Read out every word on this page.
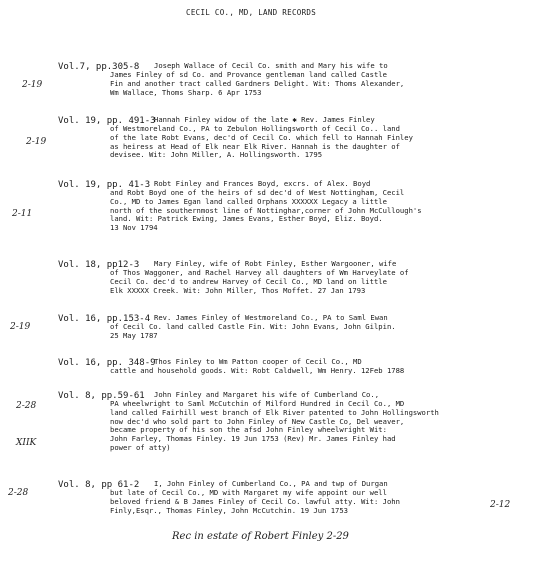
CECIL CO., MD, LAND RECORDS
Vol.7, pp.305-8 Joseph Wallace of Cecil Co. smith and Mary his wife to
James Finley of sd Co. and Provance gentleman land called Castle
Fin and another tract called Gardners Delight. Wit: Thoms Alexander,
Wm Wallace, Thoms Sharp. 6 Apr 1753
2-19
Vol. 19, pp. 491-3
Hannah Finley widow of the late ✱ Rev. James Finley
of Westmoreland Co., PA to Zebulon Hollingsworth of Cecil Co.. land
of the late Robt Evans, dec'd of Cecil Co. which fell to Hannah Finley
as heiress at Head of Elk near Elk River. Hannah is the daughter of
devisee. Wit: John Miller, A. Hollingsworth. 1795
2-19
Vol. 19, pp. 41-3 Robt Finley and Frances Boyd, excrs. of Alex. Boyd
and Robt Boyd one of the heirs of sd dec'd of West Nottingham, Cecil
Co., MD to James Egan land called Orphans XXXXXX Legacy a little
north of the southernmost line of Nottinghar,corner of John McCullough's
land. Wit: Patrick Ewing, James Evans, Esther Boyd, Eliz. Boyd.
13 Nov 1794
2-11
Vol. 18, pp12-3 Mary Finley, wife of Robt Finley, Esther Wargooner, wife
of Thos Waggoner, and Rachel Harvey all daughters of Wm Harveylate of
Cecil Co. dec'd to andrew Harvey of Cecil Co., MD land on little
Elk XXXXX Creek. Wit: John Miller, Thos Moffet. 27 Jan 1793
Vol. 16, pp.153-4 Rev. James Finley of Westmoreland Co., PA to Saml Ewan
of Cecil Co. land called Castle Fin. Wit: John Evans, John Gilpin.
25 May 1787
2-19
Vol. 16, pp. 348-9
Thos Finley to Wm Patton cooper of Cecil Co., MD
cattle and household goods. Wit: Robt Caldwell, Wm Henry. 12Feb 1788
Vol. 8, pp.59-61 John Finley and Margaret his wife of Cumberland Co.,
PA wheelwright to Saml McCutchin of Milford Hundred in Cecil Co., MD
land called Fairhill west branch of Elk River patented to John Hollingsworth
now dec'd who sold part to John Finley of New Castle Co, Del weaver,
became property of his son the afsd John Finley wheelwright Wit:
John Farley, Thomas Finley. 19 Jun 1753 (Rev) Mr. James Finley had
power of atty)
2-28
XIIK
Vol. 8, pp 61-2 I, John Finley of Cumberland Co., PA and twp of Durgan
but late of Cecil Co., MD with Margaret my wife appoint our well
beloved friend & B James Finley of Cecil Co. lawful atty. Wit: John
Finly,Esqr., Thomas Finley, John McCutchin. 19 Jun 1753
2-28
2-12
Rec in estate of Robert Finley 2-29
